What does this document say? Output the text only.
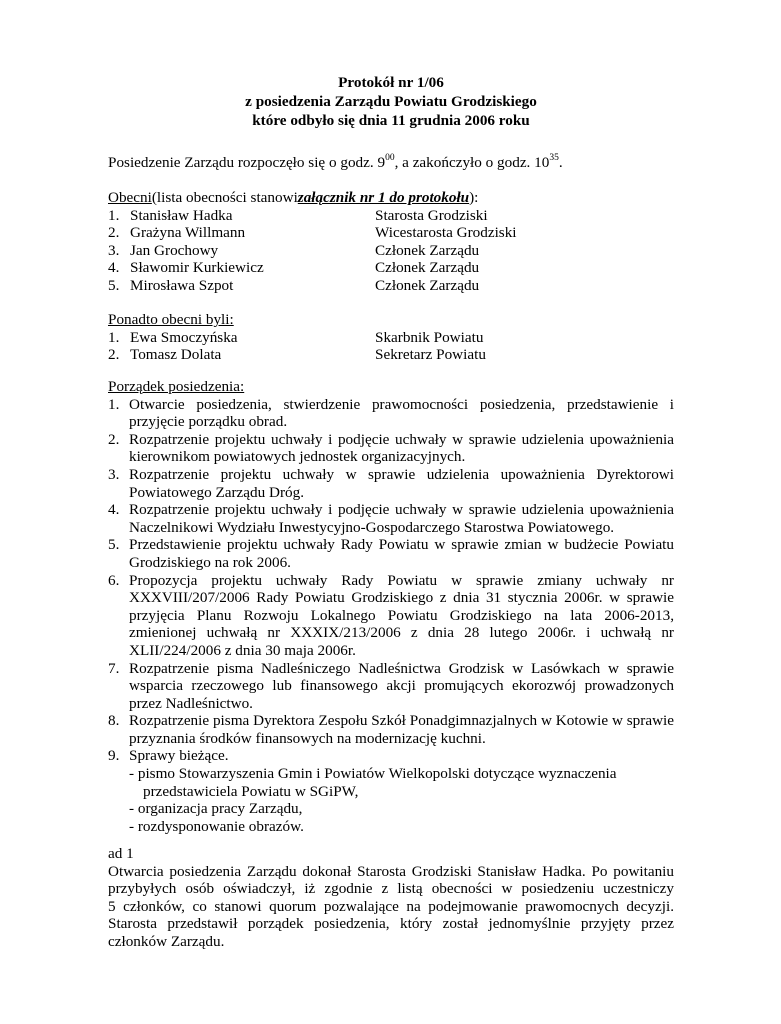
Protokół nr 1/06
z posiedzenia Zarządu Powiatu Grodziskiego
które odbyło się dnia 11 grudnia 2006 roku
Posiedzenie Zarządu rozpoczęło się o godz. $9^{00}$, a zakończyło o godz. $10^{35}$.
Obecni (lista obecności stanowi załącznik nr 1 do protokołu ):
1. Stanisław Hadka	Starosta Grodziski
2. Grażyna Willmann	Wicestarosta Grodziski
3. Jan Grochowy	Członek Zarządu
4. Sławomir Kurkiewicz	Członek Zarządu
5. Mirosława Szpot	Członek Zarządu
Ponadto obecni byli:
1. Ewa Smoczyńska	Skarbnik Powiatu
2. Tomasz Dolata	Sekretarz Powiatu
Porządek posiedzenia:
1. Otwarcie posiedzenia, stwierdzenie prawomocności posiedzenia, przedstawienie i przyjęcie porządku obrad.
2. Rozpatrzenie projektu uchwały i podjęcie uchwały w sprawie udzielenia upoważnienia kierownikom powiatowych jednostek organizacyjnych.
3. Rozpatrzenie projektu uchwały w sprawie udzielenia upoważnienia Dyrektorowi Powiatowego Zarządu Dróg.
4. Rozpatrzenie projektu uchwały i podjęcie uchwały w sprawie udzielenia upoważnienia Naczelnikowi Wydziału Inwestycyjno-Gospodarczego Starostwa Powiatowego.
5. Przedstawienie projektu uchwały Rady Powiatu w sprawie zmian w budżecie Powiatu Grodziskiego na rok 2006.
6. Propozycja projektu uchwały Rady Powiatu w sprawie zmiany uchwały nr XXXVIII/207/2006 Rady Powiatu Grodziskiego z dnia 31 stycznia 2006r. w sprawie przyjęcia Planu Rozwoju Lokalnego Powiatu Grodziskiego na lata 2006-2013, zmienionej uchwałą nr XXXIX/213/2006 z dnia 28 lutego 2006r. i uchwałą nr XLII/224/2006 z dnia 30 maja 2006r.
7. Rozpatrzenie pisma Nadleśniczego Nadleśnictwa Grodzisk w Lasówkach w sprawie wsparcia rzeczowego lub finansowego akcji promujących ekorozwój prowadzonych przez Nadleśnictwo.
8. Rozpatrzenie pisma Dyrektora Zespołu Szkół Ponadgimnazjalnych w Kotowie w sprawie przyznania środków finansowych na modernizację kuchni.
9. Sprawy bieżące.
- pismo Stowarzyszenia Gmin i Powiatów Wielkopolski dotyczące wyznaczenia
przedstawiciela Powiatu w SGiPW,
- organizacja pracy Zarządu,
- rozdysponowanie obrazów.
ad 1
Otwarcia posiedzenia Zarządu dokonał Starosta Grodziski Stanisław Hadka. Po powitaniu
przybyłych osób oświadczył, iż zgodnie z listą obecności w posiedzeniu uczestniczy
5 członków, co stanowi quorum pozwalające na podejmowanie prawomocnych decyzji.
Starosta przedstawił porządek posiedzenia, który został jednomyślnie przyjęty przez
członków Zarządu.
